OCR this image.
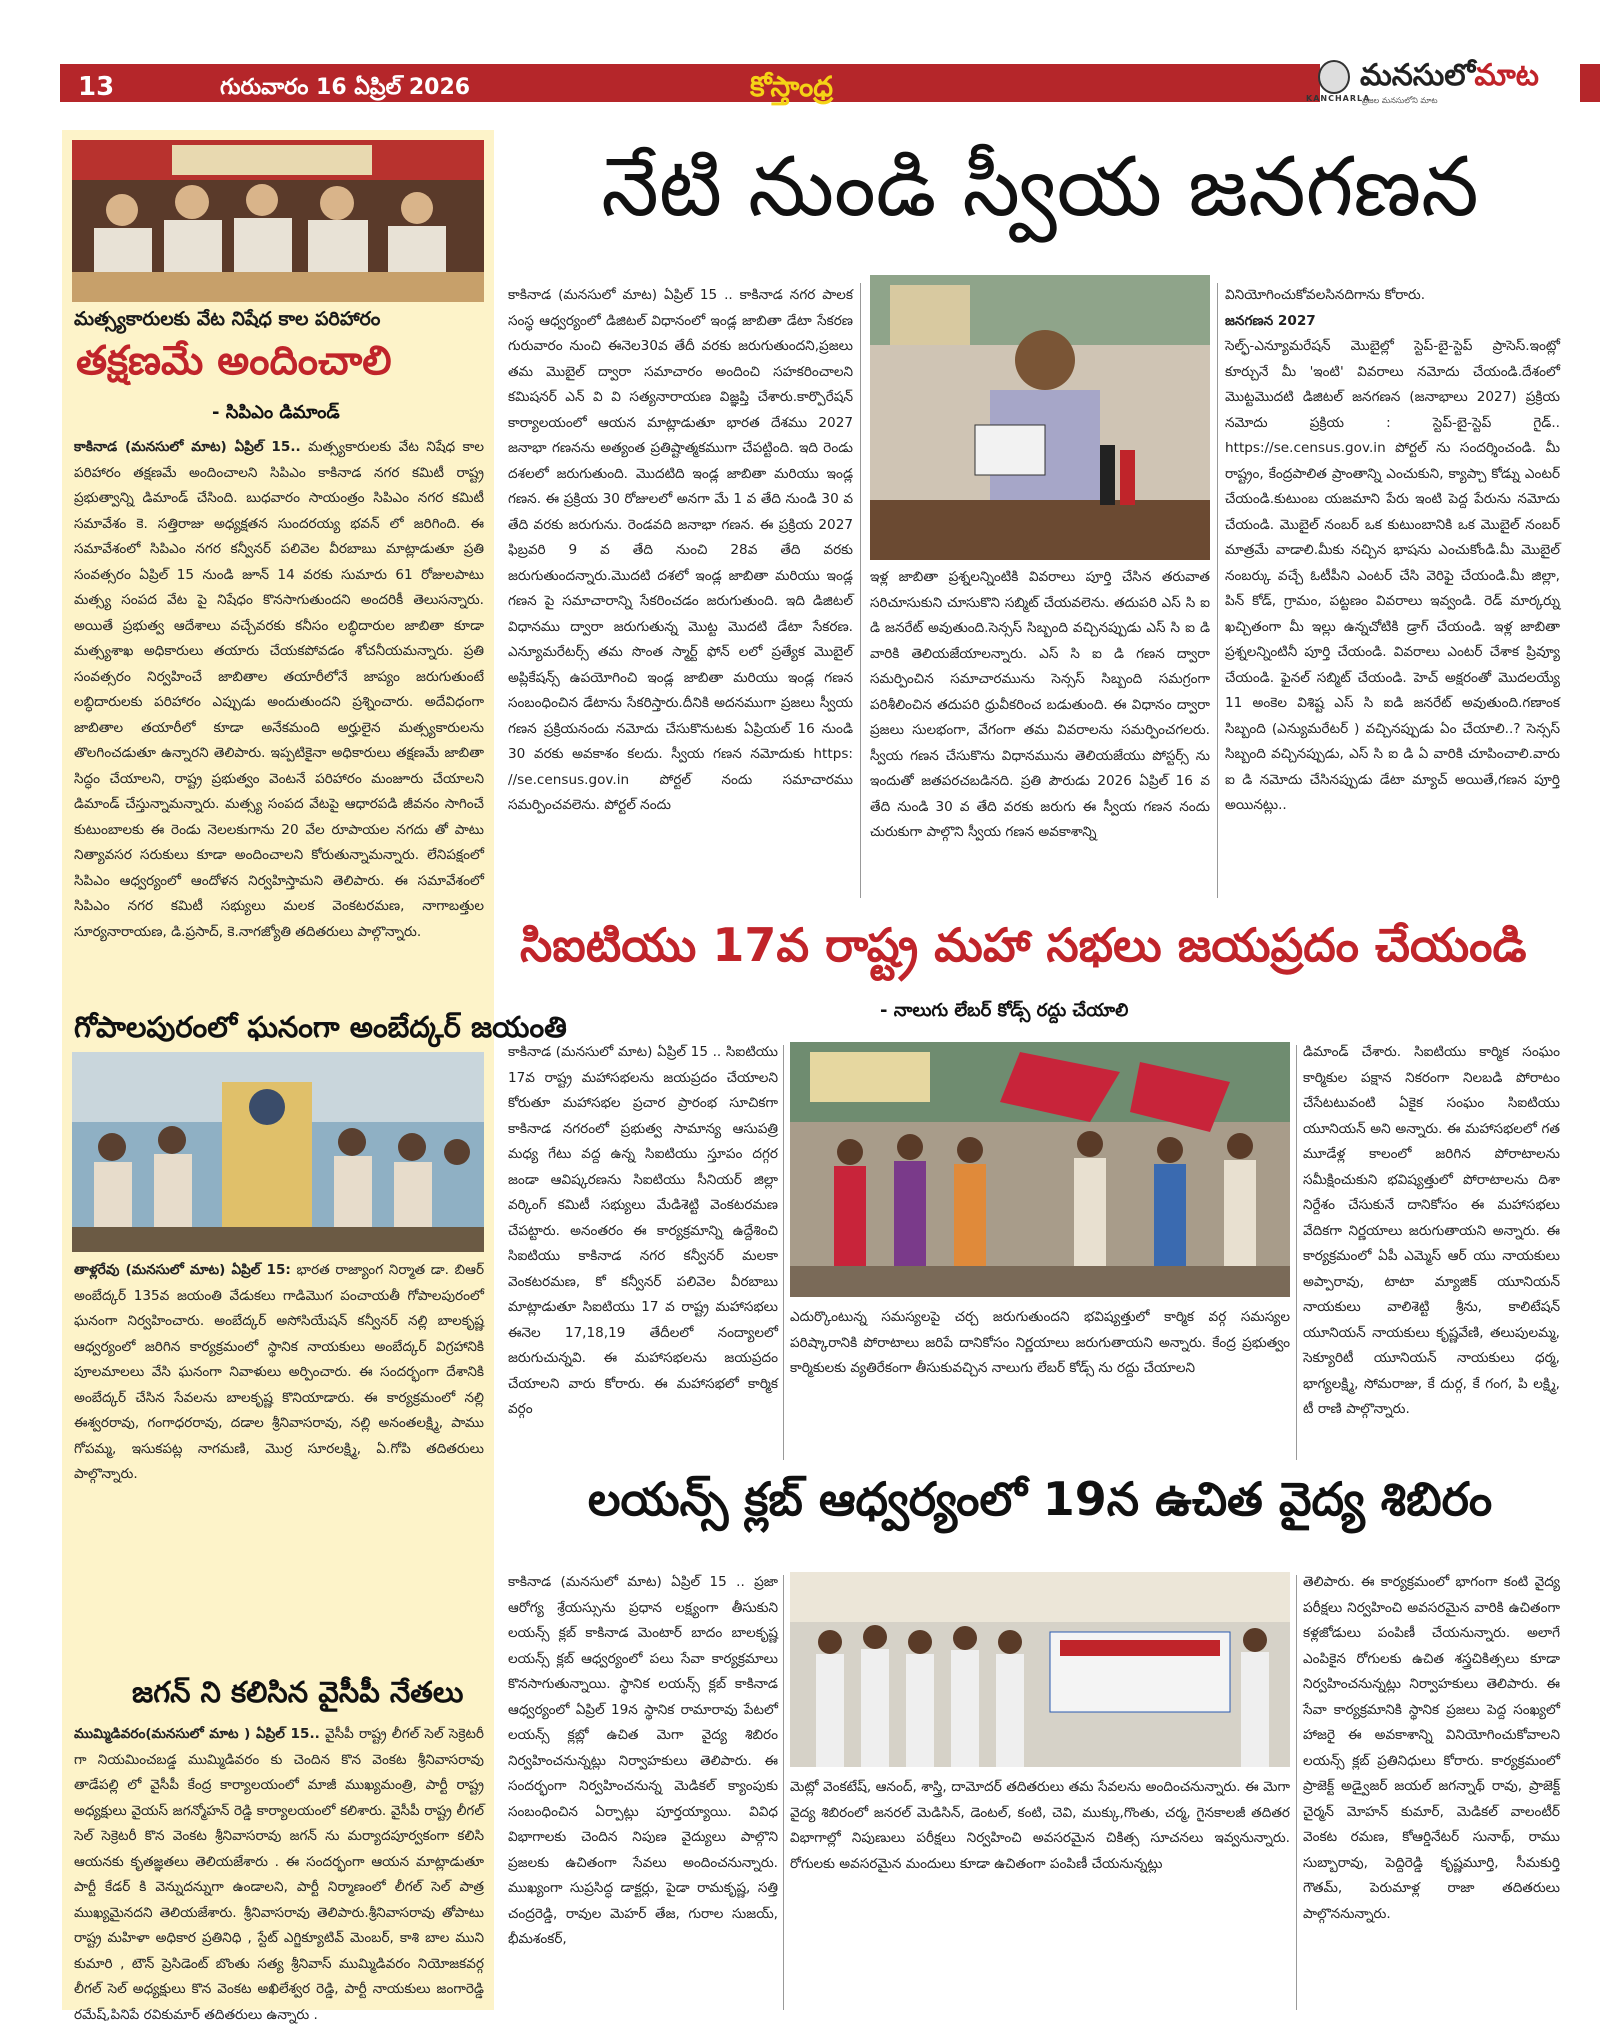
13	గురువారం 16 ఏప్రిల్ 2026	కోస్తాంధ్ర	KANCHARLA
మనసులోమాట
ప్రజల మనసులోని మాట
మత్స్యకారులకు వేట నిషేధ కాల పరిహారం
తక్షణమే అందించాలి
- సిపిఎం డిమాండ్
కాకినాడ (మనసులో మాట) ఏప్రిల్ 15.. మత్స్యకారులకు వేట నిషేధ కాల పరిహారం తక్షణమే అందించాలని సిపిఎం కాకినాడ నగర కమిటీ రాష్ట్ర ప్రభుత్వాన్ని డిమాండ్ చేసింది. బుధవారం సాయంత్రం సిపిఎం నగర కమిటీ సమావేశం కె. సత్తిరాజు అధ్యక్షతన సుందరయ్య భవన్ లో జరిగింది. ఈ సమావేశంలో సిపిఎం నగర కన్వీనర్ పలివెల వీరబాబు మాట్లాడుతూ ప్రతి సంవత్సరం ఏప్రిల్ 15 నుండి జూన్ 14 వరకు సుమారు 61 రోజులపాటు మత్స్య సంపద వేట పై నిషేధం కొనసాగుతుందని అందరికీ తెలుసన్నారు. అయితే ప్రభుత్వ ఆదేశాలు వచ్చేవరకు కనీసం లబ్ధిదారుల జాబితా కూడా మత్స్యశాఖ అధికారులు తయారు చేయకపోవడం శోచనీయమన్నారు. ప్రతి సంవత్సరం నిర్వహించే జాబితాల తయారీలోనే జాప్యం జరుగుతుంటే లబ్ధిదారులకు పరిహారం ఎప్పుడు అందుతుందని ప్రశ్నించారు. అదేవిధంగా జాబితాల తయారీలో కూడా అనేకమంది అర్హులైన మత్స్యకారులను తొలగించడుతూ ఉన్నారని తెలిపారు. ఇప్పటికైనా అధికారులు తక్షణమే జాబితా సిద్ధం చేయాలని, రాష్ట్ర ప్రభుత్వం వెంటనే పరిహారం మంజూరు చేయాలని డిమాండ్ చేస్తున్నామన్నారు. మత్స్య సంపద వేటపై ఆధారపడి జీవనం సాగించే కుటుంబాలకు ఈ రెండు నెలలకుగాను 20 వేల రూపాయల నగదు తో పాటు నిత్యావసర సరుకులు కూడా అందించాలని కోరుతున్నామన్నారు. లేనిపక్షంలో సిపిఎం ఆధ్వర్యంలో ఆందోళన నిర్వహిస్తామని తెలిపారు. ఈ సమావేశంలో సిపిఎం నగర కమిటీ సభ్యులు మలక వెంకటరమణ, నాగాబత్తుల సూర్యనారాయణ, డి.ప్రసాద్, కె.నాగజ్యోతి తదితరులు పాల్గొన్నారు.
గోపాలపురంలో ఘనంగా అంబేద్కర్ జయంతి
తాళ్లరేవు (మనసులో మాట) ఏప్రిల్ 15: భారత రాజ్యాంగ నిర్మాత డా. బిఆర్ అంబేద్కర్ 135వ జయంతి వేడుకలు గాడిమొగ పంచాయతీ గోపాలపురంలో ఘనంగా నిర్వహించారు. అంబేద్కర్ అసోసియేషన్ కన్వీనర్ నల్లి బాలకృష్ణ ఆధ్వర్యంలో జరిగిన కార్యక్రమంలో స్థానిక నాయకులు అంబేద్కర్ విగ్రహానికి పూలమాలలు వేసి ఘనంగా నివాళులు అర్పించారు. ఈ సందర్భంగా దేశానికి అంబేద్కర్ చేసిన సేవలను బాలకృష్ణ కొనియాడారు. ఈ కార్యక్రమంలో నల్లి ఈశ్వరరావు, గంగాధరరావు, దడాల శ్రీనివాసరావు, నల్లి అనంతలక్ష్మి, పాము గోపమ్మ, ఇసుకపట్ల నాగమణి, మొర్ర సూరలక్ష్మి, ఏ.గోపి తదితరులు పాల్గొన్నారు.
జగన్ ని కలిసిన వైసీపీ నేతలు
ముమ్మిడివరం(మనసులో మాట ) ఏప్రిల్ 15.. వైసీపీ రాష్ట్ర లీగల్ సెల్ సెక్రెటరీ గా నియమించబడ్డ ముమ్మిడివరం కు చెందిన కొన వెంకట శ్రీనివాసరావు తాడేపల్లి లో వైసీపీ కేంద్ర కార్యాలయంలో మాజీ ముఖ్యమంత్రి, పార్టీ రాష్ట్ర అధ్యక్షులు వైయస్ జగన్మోహన్ రెడ్డి కార్యాలయంలో కలిశారు. వైసీపీ రాష్ట్ర లీగల్ సెల్ సెక్రెటరీ కొన వెంకట శ్రీనివాసరావు జగన్ ను మర్యాదపూర్వకంగా కలిసి ఆయనకు కృతజ్ఞతలు తెలియజేశారు . ఈ సందర్భంగా ఆయన మాట్లాడుతూ పార్టీ కేడర్ కి వెన్నుదన్నుగా ఉండాలని, పార్టీ నిర్మాణంలో లీగల్ సెల్ పాత్ర ముఖ్యమైనదని తెలియజేశారు. శ్రీనివాసరావు తెలిపారు.శ్రీనివాసరావు తోపాటు రాష్ట్ర మహిళా అధికార ప్రతినిధి , స్టేట్ ఎగ్జిక్యూటివ్ మెంబర్, కాశి బాల ముని కుమారి , టౌన్ ప్రెసిడెంట్ బొంతు సత్య శ్రీనివాస్ ముమ్మిడివరం నియోజకవర్గ లీగల్ సెల్ అధ్యక్షులు కొన వెంకట అఖిలేశ్వర రెడ్డి, పార్టీ నాయకులు జంగారెడ్డి రమేష్,పినిపే రవికుమార్ తదితరులు ఉన్నారు .
నేటి నుండి స్వీయ జనగణన
కాకినాడ (మనసులో మాట) ఏప్రిల్ 15 .. కాకినాడ నగర పాలక సంస్థ ఆధ్వర్యంలో డిజిటల్ విధానంలో ఇండ్ల జాబితా డేటా సేకరణ గురువారం నుంచి ఈనెల30వ తేదీ వరకు జరుగుతుందని,ప్రజలు తమ మొబైల్ ద్వారా సమాచారం అందించి సహకరించాలని కమిషనర్ ఎన్ వి వి సత్యనారాయణ విజ్ఞప్తి చేశారు.కార్పొరేషన్ కార్యాలయంలో ఆయన మాట్లాడుతూ భారత దేశము 2027 జనాభా గణనను అత్యంత ప్రతిష్టాత్మకముగా చేపట్టింది. ఇది రెండు దశలలో జరుగుతుంది. మొదటిది ఇండ్ల జాబితా మరియు ఇండ్ల గణన. ఈ ప్రక్రియ 30 రోజులలో అనగా మే 1 వ తేది నుండి 30 వ తేది వరకు జరుగును. రెండవది జనాభా గణన. ఈ ప్రక్రియ 2027 ఫిబ్రవరి 9 వ తేది నుంచి 28వ తేది వరకు జరుగుతుందన్నారు.మొదటి దశలో ఇండ్ల జాబితా మరియు ఇండ్ల గణన పై సమాచారాన్ని సేకరించడం జరుగుతుంది. ఇది డిజిటల్ విధానము ద్వారా జరుగుతున్న మొట్ట మొదటి డేటా సేకరణ. ఎన్యూమరేటర్స్ తమ సొంత స్మార్ట్ ఫోన్ లలో ప్రత్యేక మొబైల్ అప్లికేషన్స్ ఉపయోగించి ఇండ్ల జాబితా మరియు ఇండ్ల గణన సంబంధించిన డేటాను సేకరిస్తారు.దీనికి అదనముగా ప్రజలు స్వీయ గణన ప్రక్రియనందు నమోదు చేసుకొనుటకు ఏప్రియల్ 16 నుండి 30 వరకు అవకాశం కలదు. స్వీయ గణన నమోదుకు https: //se.census.gov.in పోర్టల్ నందు సమాచారము సమర్పించవలెను. పోర్టల్ నందు
ఇళ్ల జాబితా ప్రశ్నలన్నింటికి వివరాలు పూర్తి చేసిన తరువాత సరిచూసుకుని చూసుకొని సబ్మిట్ చేయవలెను. తదుపరి ఎస్ సి ఐ డి జనరేట్ అవుతుంది.సెన్సస్ సిబ్బంది వచ్చినప్పుడు ఎస్ సి ఐ డి వారికి తెలియజేయాలన్నారు. ఎస్ సి ఐ డి గణన ద్వారా సమర్పించిన సమాచారమును సెన్సస్ సిబ్బంది సమగ్రంగా పరిశీలించిన తదుపరి ధ్రువీకరించ బడుతుంది. ఈ విధానం ద్వారా ప్రజలు సులభంగా, వేగంగా తమ వివరాలను సమర్పించగలరు. స్వీయ గణన చేసుకొను విధానమును తెలియజేయు పోస్టర్స్ ను ఇందుతో జతపరచబడినది. ప్రతి పౌరుడు 2026 ఏప్రిల్ 16 వ తేది నుండి 30 వ తేది వరకు జరుగు ఈ స్వీయ గణన నందు చురుకుగా పాల్గొని స్వీయ గణన అవకాశాన్ని
వినియోగించుకోవలసినదిగాను కోరారు.
జనగణన 2027
సెల్ఫ్-ఎన్యూమరేషన్ మొబైల్లో స్టెప్-బై-స్టెప్ ప్రాసెస్.ఇంట్లో కూర్చునే మీ 'ఇంటి' వివరాలు నమోదు చేయండి.దేశంలో మొట్టమొదటి డిజిటల్ జనగణన (జనాభాలు 2027) ప్రక్రియ నమోదు ప్రక్రియ : స్టెప్-బై-స్టెప్ గైడ్.. https://se.census.gov.in పోర్టల్ ను సందర్శించండి. మీ రాష్ట్రం, కేంద్రపాలిత ప్రాంతాన్ని ఎంచుకుని, క్యాప్చా కోడ్ను ఎంటర్ చేయండి.కుటుంబ యజమాని పేరు ఇంటి పెద్ద పేరును నమోదు చేయండి. మొబైల్ నంబర్ ఒక కుటుంబానికి ఒక మొబైల్ నంబర్ మాత్రమే వాడాలి.మీకు నచ్చిన భాషను ఎంచుకోండి.మీ మొబైల్ నంబర్కు వచ్చే ఓటీపీని ఎంటర్ చేసి వెరిఫై చేయండి.మీ జిల్లా, పిన్ కోడ్, గ్రామం, పట్టణం వివరాలు ఇవ్వండి. రెడ్ మార్కర్ను ఖచ్చితంగా మీ ఇల్లు ఉన్నచోటికి డ్రాగ్ చేయండి. ఇళ్ల జాబితా ప్రశ్నలన్నింటినీ పూర్తి చేయండి. వివరాలు ఎంటర్ చేశాక ప్రివ్యూ చేయండి. ఫైనల్ సబ్మిట్ చేయండి. హెచ్ అక్షరంతో మొదలయ్యే 11 అంకెల విశిష్ట ఎస్ సి ఐడి జనరేట్ అవుతుంది.గణాంక సిబ్బంది (ఎన్యుమరేటర్ ) వచ్చినప్పుడు ఏం చేయాలి..? సెన్సస్ సిబ్బంది వచ్చినప్పుడు, ఎస్ సి ఐ డి ఏ వారికి చూపించాలి.వారు ఐ డి నమోదు చేసినప్పుడు డేటా మ్యాచ్ అయితే,గణన పూర్తి అయినట్లు..
సిఐటియు 17వ రాష్ట్ర మహా సభలు జయప్రదం చేయండి
- నాలుగు లేబర్ కోడ్స్ రద్దు చేయాలి
కాకినాడ (మనసులో మాట) ఏప్రిల్ 15 .. సిఐటియు 17వ రాష్ట్ర మహాసభలను జయప్రదం చేయాలని కోరుతూ మహాసభల ప్రచార ప్రారంభ సూచికగా కాకినాడ నగరంలో ప్రభుత్వ సామాన్య ఆసుపత్రి మధ్య గేటు వద్ద ఉన్న సిఐటియు స్తూపం దగ్గర జండా ఆవిష్కరణను సిఐటియు సీనియర్ జిల్లా వర్కింగ్ కమిటీ సభ్యులు మేడిశెట్టి వెంకటరమణ చేపట్టారు. అనంతరం ఈ కార్యక్రమాన్ని ఉద్దేశించి సిఐటియు కాకినాడ నగర కన్వీనర్ మలకా వెంకటరమణ, కో కన్వీనర్ పలివెల వీరబాబు మాట్లాడుతూ సిఐటియు 17 వ రాష్ట్ర మహాసభలు ఈనెల 17,18,19 తేదీలలో నంద్యాలలో జరుగుచున్నవి. ఈ మహాసభలను జయప్రదం చేయాలని వారు కోరారు. ఈ మహాసభలో కార్మిక వర్గం
ఎదుర్కొంటున్న సమస్యలపై చర్చ జరుగుతుందని భవిష్యత్తులో కార్మిక వర్గ సమస్యల పరిష్కారానికి పోరాటాలు జరిపే దానికోసం నిర్ణయాలు జరుగుతాయని అన్నారు. కేంద్ర ప్రభుత్వం కార్మికులకు వ్యతిరేకంగా తీసుకువచ్చిన నాలుగు లేబర్ కోడ్స్ ను రద్దు చేయాలని
డిమాండ్ చేశారు. సిఐటియు కార్మిక సంఘం కార్మికుల పక్షాన నికరంగా నిలబడి పోరాటం చేసేటటువంటి ఏకైక సంఘం సిఐటియు యూనియన్ అని అన్నారు. ఈ మహాసభలలో గత మూడేళ్ల కాలంలో జరిగిన పోరాటాలను సమీక్షించుకుని భవిష్యత్తులో పోరాటాలను దిశా నిర్దేశం చేసుకునే దానికోసం ఈ మహాసభలు వేదికగా నిర్ణయాలు జరుగుతాయని అన్నారు. ఈ కార్యక్రమంలో ఏపీ ఎమ్మెస్ ఆర్ యు నాయకులు అప్పారావు, టాటా మ్యాజిక్ యూనియన్ నాయకులు వాలిశెట్టి శ్రీను, కాలిటేషన్ యూనియన్ నాయకులు కృష్ణవేణి, తలుపులమ్మ, సెక్యూరిటీ యూనియన్ నాయకులు ధర్మ, భాగ్యలక్ష్మి, సోమరాజు, కే దుర్గ, కే గంగ, పి లక్ష్మి, టీ రాణి పాల్గొన్నారు.
లయన్స్ క్లబ్ ఆధ్వర్యంలో 19న ఉచిత వైద్య శిబిరం
కాకినాడ (మనసులో మాట) ఏప్రిల్ 15 .. ప్రజా ఆరోగ్య శ్రేయస్సును ప్రధాన లక్ష్యంగా తీసుకుని లయన్స్ క్లబ్ కాకినాడ మెంటార్ బాదం బాలకృష్ణ లయన్స్ క్లబ్ ఆధ్వర్యంలో పలు సేవా కార్యక్రమాలు కొనసాగుతున్నాయి. స్థానిక లయన్స్ క్లబ్ కాకినాడ ఆధ్వర్యంలో ఏప్రిల్ 19న స్థానిక రామారావు పేటలో లయన్స్ క్లబ్లో ఉచిత మెగా వైద్య శిబిరం నిర్వహించనున్నట్లు నిర్వాహకులు తెలిపారు. ఈ సందర్భంగా నిర్వహించనున్న మెడికల్ క్యాంపుకు సంబంధించిన ఏర్పాట్లు పూర్తయ్యాయి. వివిధ విభాగాలకు చెందిన నిపుణ వైద్యులు పాల్గొని ప్రజలకు ఉచితంగా సేవలు అందించనున్నారు. ముఖ్యంగా సుప్రసిద్ధ డాక్టర్లు, పైడా రామకృష్ణ, సత్తి చంద్రరెడ్డి, రావుల మెహర్ తేజ, గురాల సుజయ్, భీమశంకర్,
మెట్లో వెంకటేష్, ఆనంద్, శాస్త్రి, దామోదర్ తదితరులు తమ సేవలను అందించనున్నారు. ఈ మెగా వైద్య శిబిరంలో జనరల్ మెడిసిన్, డెంటల్, కంటి, చెవి, ముక్కు,గొంతు, చర్మ, గైనకాలజీ తదితర విభాగాల్లో నిపుణులు పరీక్షలు నిర్వహించి అవసరమైన చికిత్స సూచనలు ఇవ్వనున్నారు. రోగులకు అవసరమైన మందులు కూడా ఉచితంగా పంపిణీ చేయనున్నట్లు
తెలిపారు. ఈ కార్యక్రమంలో భాగంగా కంటి వైద్య పరీక్షలు నిర్వహించి అవసరమైన వారికి ఉచితంగా కళ్లజోడులు పంపిణీ చేయనున్నారు. అలాగే ఎంపికైన రోగులకు ఉచిత శస్త్రచికిత్సలు కూడా నిర్వహించనున్నట్లు నిర్వాహకులు తెలిపారు. ఈ సేవా కార్యక్రమానికి స్థానిక ప్రజలు పెద్ద సంఖ్యలో హాజరై ఈ అవకాశాన్ని వినియోగించుకోవాలని లయన్స్ క్లబ్ ప్రతినిధులు కోరారు. కార్యక్రమంలో ప్రాజెక్ట్ అడ్వైజర్ జయల్ జగన్నాథ్ రావు, ప్రాజెక్ట్ చైర్మన్ మోహన్ కుమార్, మెడికల్ వాలంటీర్ వెంకట రమణ, కోఆర్డినేటర్ సునాథ్, రాము సుబ్బారావు, పెద్దిరెడ్డి కృష్ణమూర్తి, సీమకుర్తి గౌతమ్, పెరుమాళ్ల రాజా తదితరులు పాల్గొననున్నారు.
